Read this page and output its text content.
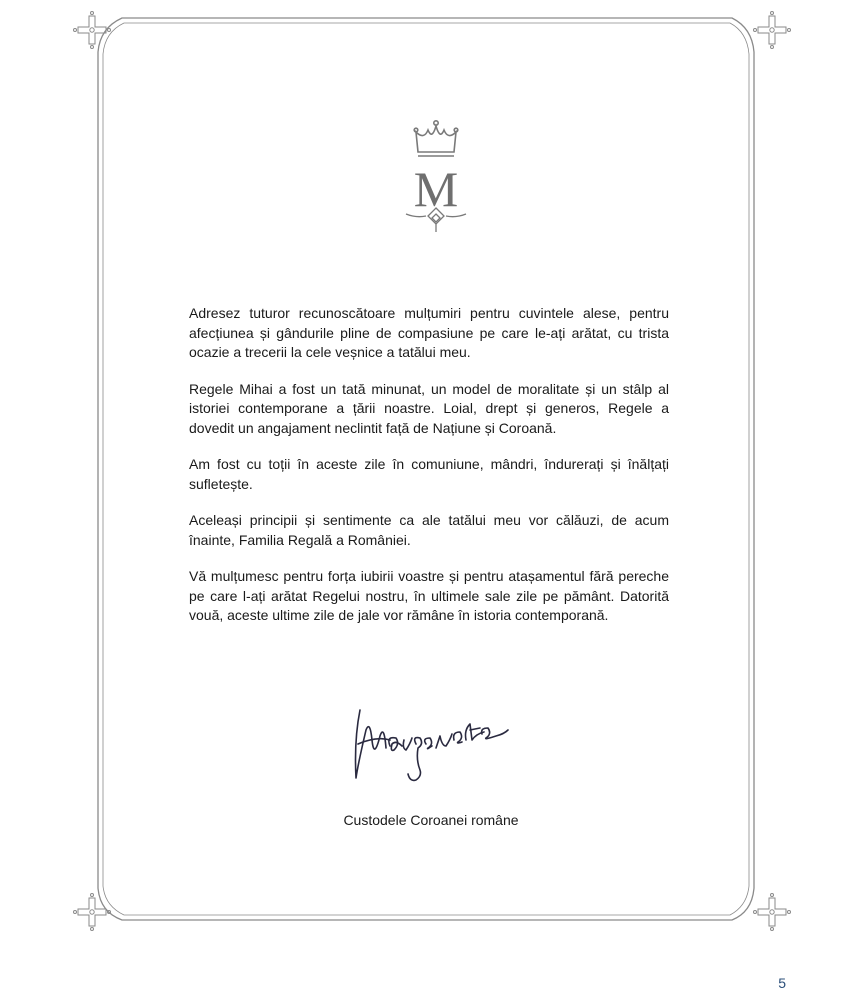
M

Adresez tuturor recunoscătoare mulțumiri pentru cuvintele alese, pentru afecțiunea și gândurile pline de compasiune pe care le-ați arătat, cu trista ocazie a trecerii la cele veșnice a tatălui meu.

Regele Mihai a fost un tată minunat, un model de moralitate și un stâlp al istoriei contemporane a țării noastre. Loial, drept și generos, Regele a dovedit un angajament neclintit față de Națiune și Coroană.

Am fost cu toții în aceste zile în comuniune, mândri, îndurerați și înălțați sufletește.

Aceleași principii și sentimente ca ale tatălui meu vor călăuzi, de acum înainte, Familia Regală a României.

Vă mulțumesc pentru forța iubirii voastre și pentru atașamentul fără pereche pe care l-ați arătat Regelui nostru, în ultimele sale zile pe pământ. Datorită vouă, aceste ultime zile de jale vor rămâne în istoria contemporană.

Custodele Coroanei române
5
